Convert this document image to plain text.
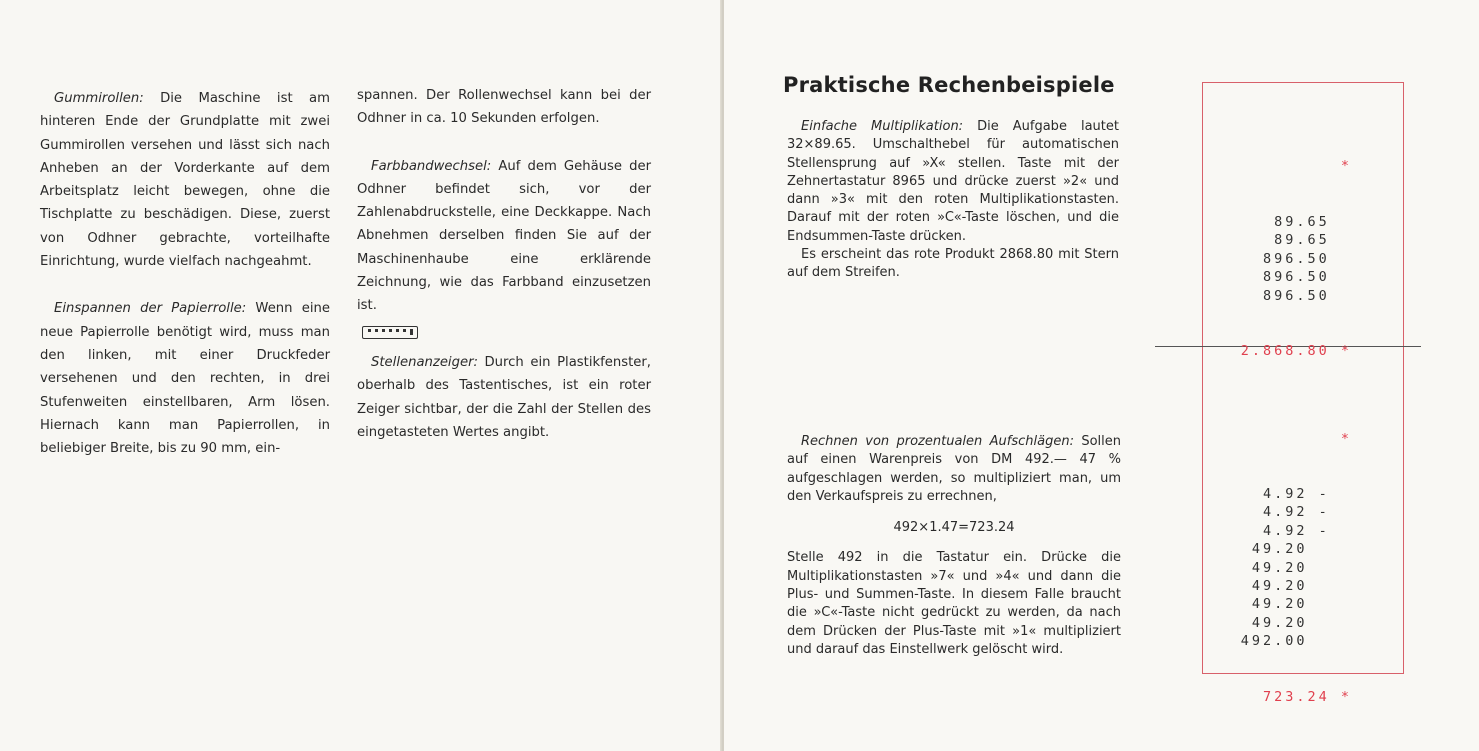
Gummirollen: Die Maschine ist am hinteren Ende der Grundplatte mit zwei Gummirollen versehen und lässt sich nach Anheben an der Vorderkante auf dem Arbeitsplatz leicht bewegen, ohne die Tischplatte zu beschädigen. Diese, zuerst von Odhner gebrachte, vorteilhafte Einrichtung, wurde vielfach nachgeahmt.

Einspannen der Papierrolle: Wenn eine neue Papierrolle benötigt wird, muss man den linken, mit einer Druckfeder versehenen und den rechten, in drei Stufenweiten einstellbaren, Arm lösen. Hiernach kann man Papierrollen, in beliebiger Breite, bis zu 90 mm, ein-

spannen. Der Rollenwechsel kann bei der Odhner in ca. 10 Sekunden erfolgen.

Farbbandwechsel: Auf dem Gehäuse der Odhner befindet sich, vor der Zahlenabdruckstelle, eine Deckkappe. Nach Abnehmen derselben finden Sie auf der Maschinenhaube eine erklärende Zeichnung, wie das Farbband einzusetzen ist.

Stellenanzeiger: Durch ein Plastikfenster, oberhalb des Tastentisches, ist ein roter Zeiger sichtbar, der die Zahl der Stellen des eingetasteten Wertes angibt.

Praktische Rechenbeispiele

Einfache Multiplikation: Die Aufgabe lautet 32×89.65. Umschalthebel für automatischen Stellensprung auf »X« stellen. Taste mit der Zehnertastatur 8965 und drücke zuerst »2« und dann »3« mit den roten Multiplikationstasten. Darauf mit der roten »C«-Taste löschen, und die Endsummen-Taste drücken.

Es erscheint das rote Produkt 2868.80 mit Stern auf dem Streifen.

Rechnen von prozentualen Aufschlägen: Sollen auf einen Warenpreis von DM 492.— 47 % aufgeschlagen werden, so multipliziert man, um den Verkaufspreis zu errechnen,

492×1.47=723.24

Stelle 492 in die Tastatur ein. Drücke die Multiplikationstasten »7« und »4« und dann die Plus- und Summen-Taste. In diesem Falle braucht die »C«-Taste nicht gedrückt zu werden, da nach dem Drücken der Plus-Taste mit »1« multipliziert und darauf das Einstellwerk gelöscht wird.

*

89.65
89.65
896.50
896.50
896.50

2.868.80 *

*

4.92 -
4.92 -
4.92 -
49.20
49.20
49.20
49.20
49.20
492.00

723.24 *
